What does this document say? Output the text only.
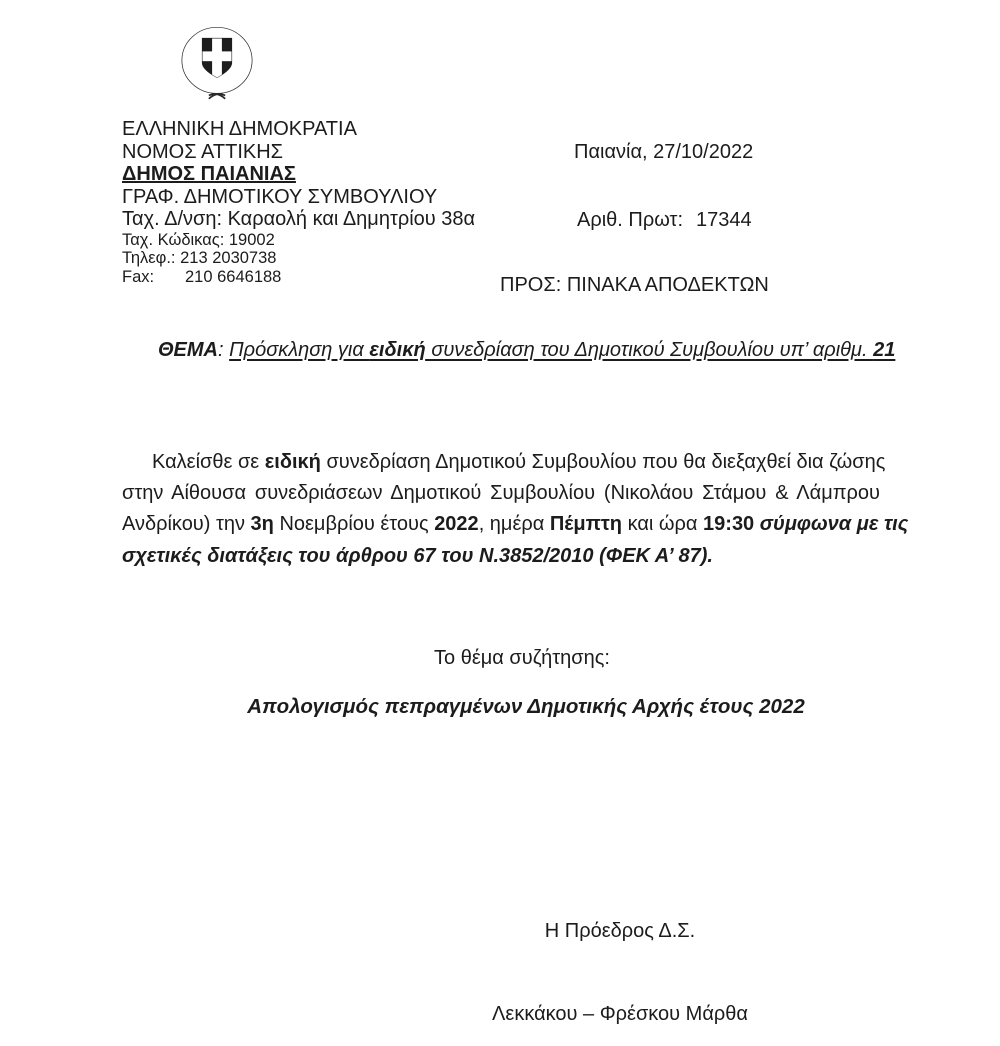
ΕΛΛΗΝΙΚΗ ΔΗΜΟΚΡΑΤΙΑ
ΝΟΜΟΣ ΑΤΤΙΚΗΣ
ΔΗΜΟΣ ΠΑΙΑΝΙΑΣ
ΓΡΑΦ. ΔΗΜΟΤΙΚΟΥ ΣΥΜΒΟΥΛΙΟΥ
Ταχ. Δ/νση: Καραολή και Δημητρίου 38α
Ταχ. Κώδικας: 19002
Τηλεφ.: 213 2030738
Fax: 210 6646188
Παιανία, 27/10/2022
Αριθ. Πρωτ: 17344
ΠΡΟΣ: ΠΙΝΑΚΑ ΑΠΟΔΕΚΤΩΝ
ΘΕΜΑ: Πρόσκληση για ειδική συνεδρίαση του Δημοτικού Συμβουλίου υπ’ αριθμ. 21
Καλείσθε σε ειδική συνεδρίαση Δημοτικού Συμβουλίου που θα διεξαχθεί δια ζώσης
στην Αίθουσα συνεδριάσεων Δημοτικού Συμβουλίου (Νικολάου Στάμου & Λάμπρου
Ανδρίκου) την 3η Νοεμβρίου έτους 2022, ημέρα Πέμπτη και ώρα 19:30 σύμφωνα με τις
σχετικές διατάξεις του άρθρου 67 του Ν.3852/2010 (ΦΕΚ Α’ 87).
Το θέμα συζήτησης:
Απολογισμός πεπραγμένων Δημοτικής Αρχής έτους 2022
Η Πρόεδρος Δ.Σ.
Λεκκάκου – Φρέσκου Μάρθα
